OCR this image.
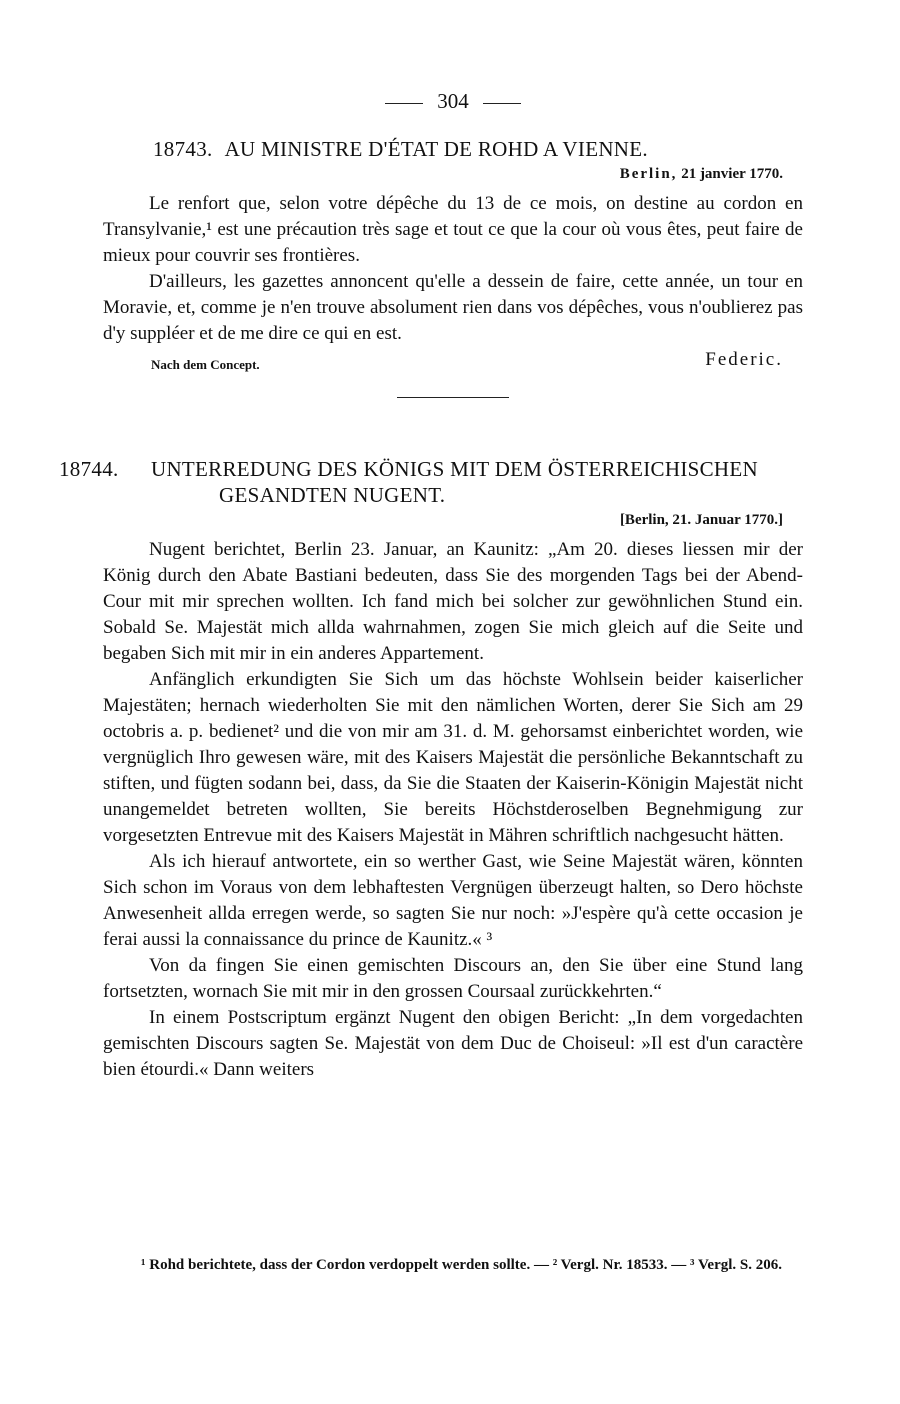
304
18743. AU MINISTRE D'ÉTAT DE ROHD A VIENNE.
Berlin, 21 janvier 1770.

Le renfort que, selon votre dépêche du 13 de ce mois, on destine au cordon en Transylvanie,¹ est une précaution très sage et tout ce que la cour où vous êtes, peut faire de mieux pour couvrir ses frontières.

D'ailleurs, les gazettes annoncent qu'elle a dessein de faire, cette année, un tour en Moravie, et, comme je n'en trouve absolument rien dans vos dépêches, vous n'oublierez pas d'y suppléer et de me dire ce qui en est.

Nach dem Concept.	Federic.
18744. UNTERREDUNG DES KÖNIGS MIT DEM ÖSTERREICHISCHEN GESANDTEN NUGENT.
[Berlin, 21. Januar 1770.]

Nugent berichtet, Berlin 23. Januar, an Kaunitz: „Am 20. dieses liessen mir der König durch den Abate Bastiani bedeuten, dass Sie des morgenden Tags bei der Abend-Cour mit mir sprechen wollten. Ich fand mich bei solcher zur gewöhnlichen Stund ein. Sobald Se. Majestät mich allda wahrnahmen, zogen Sie mich gleich auf die Seite und begaben Sich mit mir in ein anderes Appartement.

Anfänglich erkundigten Sie Sich um das höchste Wohlsein beider kaiserlicher Majestäten; hernach wiederholten Sie mit den nämlichen Worten, derer Sie Sich am 29 octobris a. p. bedienet² und die von mir am 31. d. M. gehorsamst einberichtet worden, wie vergnüglich Ihro gewesen wäre, mit des Kaisers Majestät die persönliche Bekanntschaft zu stiften, und fügten sodann bei, dass, da Sie die Staaten der Kaiserin-Königin Majestät nicht unangemeldet betreten wollten, Sie bereits Höchstderoselben Begnehmigung zur vorgesetzten Entrevue mit des Kaisers Majestät in Mähren schriftlich nachgesucht hätten.

Als ich hierauf antwortete, ein so werther Gast, wie Seine Majestät wären, könnten Sich schon im Voraus von dem lebhaftesten Vergnügen überzeugt halten, so Dero höchste Anwesenheit allda erregen werde, so sagten Sie nur noch: »J'espère qu'à cette occasion je ferai aussi la connaissance du prince de Kaunitz.« ³

Von da fingen Sie einen gemischten Discours an, den Sie über eine Stund lang fortsetzten, wornach Sie mit mir in den grossen Coursaal zurückkehrten.“

In einem Postscriptum ergänzt Nugent den obigen Bericht: „In dem vorgedachten gemischten Discours sagten Se. Majestät von dem Duc de Choiseul: »Il est d'un caractère bien étourdi.« Dann weiters

¹ Rohd berichtete, dass der Cordon verdoppelt werden sollte. — ² Vergl. Nr. 18533. — ³ Vergl. S. 206.
